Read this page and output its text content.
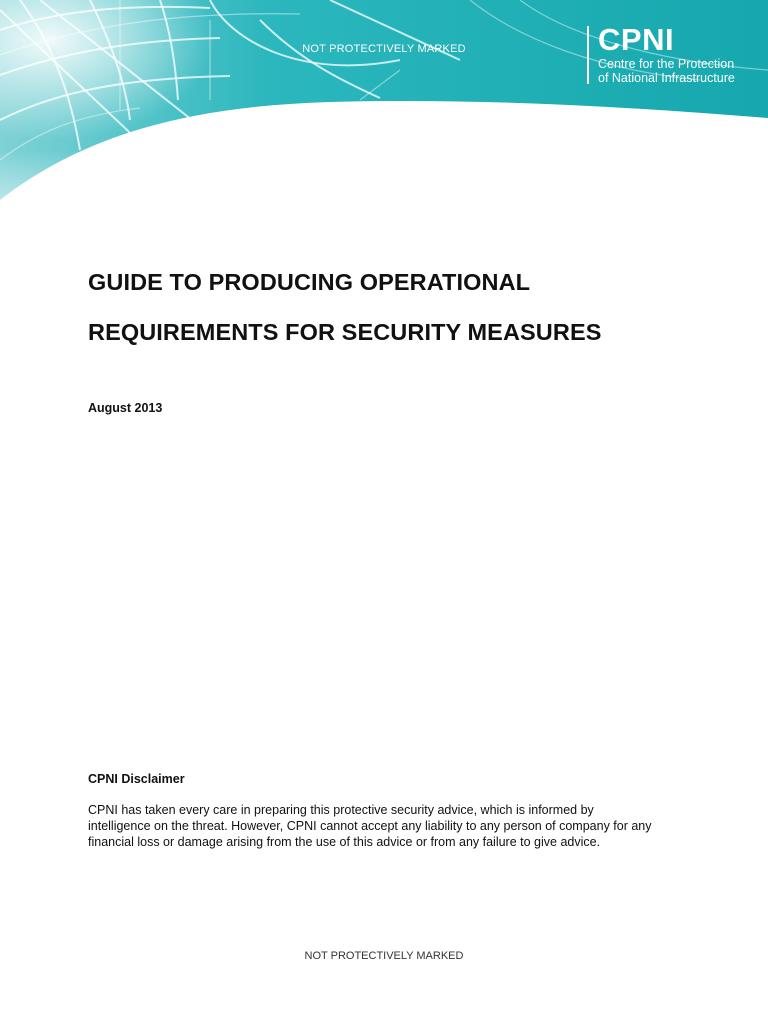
NOT PROTECTIVELY MARKED	CPNI
Centre for the Protection
of National Infrastructure
GUIDE TO PRODUCING OPERATIONAL
REQUIREMENTS FOR SECURITY MEASURES
August 2013
CPNI Disclaimer
CPNI has taken every care in preparing this protective security advice, which is informed by
intelligence on the threat. However, CPNI cannot accept any liability to any person of company for any
financial loss or damage arising from the use of this advice or from any failure to give advice.
NOT PROTECTIVELY MARKED
